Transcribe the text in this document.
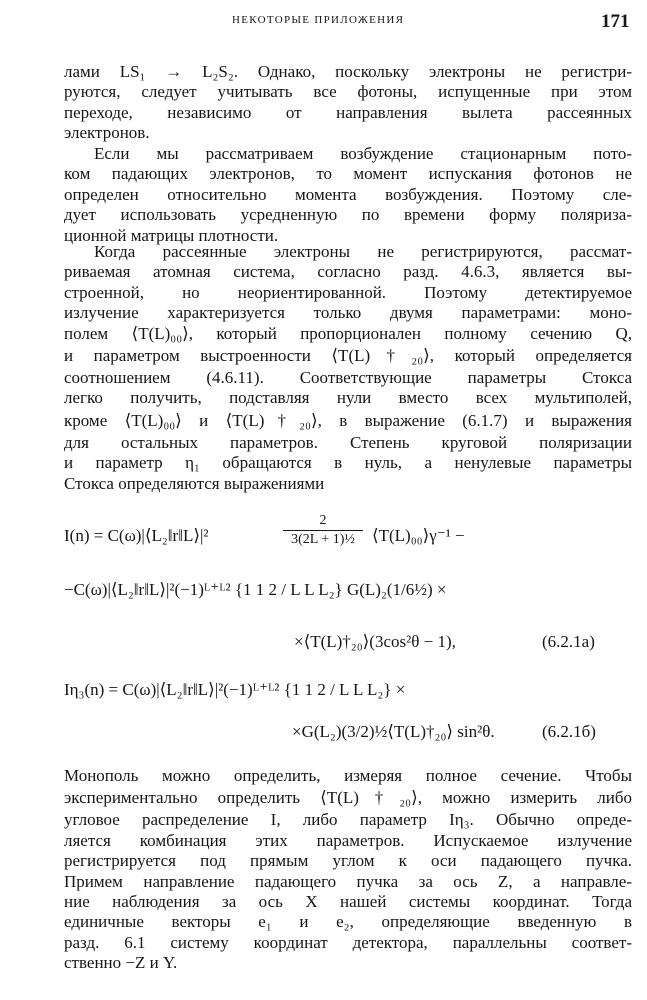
НЕКОТОРЫЕ ПРИЛОЖЕНИЯ	171
лами LS₁ → L₂S₂. Однако, поскольку электроны не регистри-
руются, следует учитывать все фотоны, испущенные при этом
переходе, независимо от направления вылета рассеянных
электронов.
Если мы рассматриваем возбуждение стационарным пото-
ком падающих электронов, то момент испускания фотонов не
определен относительно момента возбуждения. Поэтому сле-
дует использовать усредненную по времени форму поляриза-
ционной матрицы плотности.
Когда рассеянные электроны не регистрируются, рассмат-
риваемая атомная система, согласно разд. 4.6.3, является вы-
строенной, но неориентированной. Поэтому детектируемое
излучение характеризуется только двумя параметрами: моно-
полем ⟨T(L)₀₀⟩, который пропорционален полному сечению Q,
и параметром выстроенности ⟨T(L)†₂₀⟩, который определяется
соотношением (4.6.11). Соответствующие параметры Стокса
легко получить, подставляя нули вместо всех мультиполей,
кроме ⟨T(L)₀₀⟩ и ⟨T(L)†₂₀⟩, в выражение (6.1.7) и выражения
для остальных параметров. Степень круговой поляризации
и параметр η₁ обращаются в нуль, а ненулевые параметры
Стокса определяются выражениями
I(n) = C(ω)|⟨L₂‖r‖L⟩|²	$\frac{2}{\text{3(2L + 1)½}}$ ⟨T(L)₀₀⟩γ⁻¹ −
−C(ω)|⟨L₂‖r‖L⟩|²(−1)ᴸ⁺ᴸ² {1 1 2 / L L L₂} G(L)₂(1/6½) ×
×⟨T(L)†₂₀⟩(3cos²θ − 1),	(6.2.1a)
Iη₃(n) = C(ω)|⟨L₂‖r‖L⟩|²(−1)ᴸ⁺ᴸ² {1 1 2 / L L L₂} ×
×G(L₂)(3/2)½⟨T(L)†₂₀⟩ sin²θ.	(6.2.1б)
Монополь можно определить, измеряя полное сечение. Чтобы
экспериментально определить ⟨T(L)†₂₀⟩, можно измерить либо
угловое распределение I, либо параметр Iη₃. Обычно опреде-
ляется комбинация этих параметров. Испускаемое излучение
регистрируется под прямым углом к оси падающего пучка.
Примем направление падающего пучка за ось Z, а направле-
ние наблюдения за ось X нашей системы координат. Тогда
единичные векторы e₁ и e₂, определяющие введенную в
разд. 6.1 систему координат детектора, параллельны соответ-
ственно −Z и Y.
